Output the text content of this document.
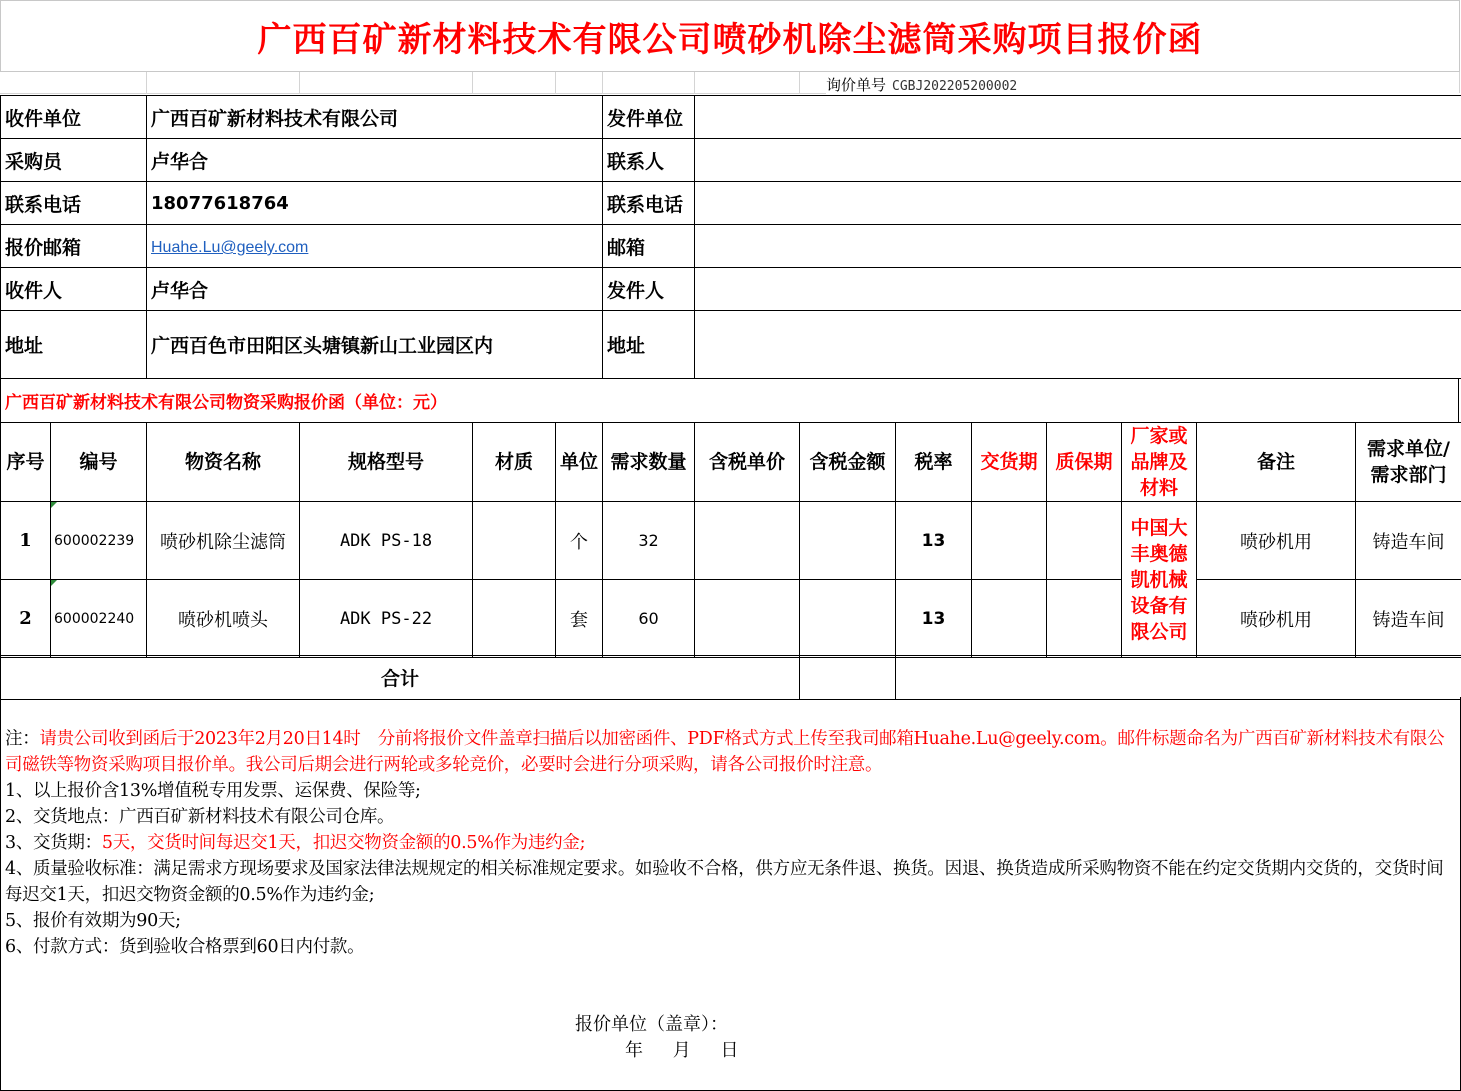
广西百矿新材料技术有限公司喷砂机除尘滤筒采购项目报价函
询价单号 CGBJ202205200002
收件单位	广西百矿新材料技术有限公司	发件单位	
采购员	卢华合	联系人	
联系电话	18077618764	联系电话	
报价邮箱	Huahe.Lu@geely.com	邮箱	
收件人	卢华合	发件人	
地址	广西百色市田阳区头塘镇新山工业园区内	地址	
广西百矿新材料技术有限公司物资采购报价函（单位：元）
序号	编号	物资名称	规格型号	材质	单位	需求数量	含税单价	含税金额	税率	交货期	质保期	厂家或品牌及材料	备注	需求单位/需求部门
1	600002239	喷砂机除尘滤筒	ADK PS-18		个	32			13			中国大丰奥德凯机械设备有限公司	喷砂机用	铸造车间
2	600002240	喷砂机喷头	ADK PS-22		套	60			13				喷砂机用	铸造车间
合计		

注：请贵公司收到函后于2023年2月20日14时　分前将报价文件盖章扫描后以加密函件、PDF格式方式上传至我司邮箱Huahe.Lu@geely.com。邮件标题命名为广西百矿新材料技术有限公司磁铁等物资采购项目报价单。我公司后期会进行两轮或多轮竞价，必要时会进行分项采购，请各公司报价时注意。

1、以上报价含13%增值税专用发票、运保费、保险等;

2、交货地点：广西百矿新材料技术有限公司仓库。

3、交货期：5天，交货时间每迟交1天，扣迟交物资金额的0.5%作为违约金;

4、质量验收标准：满足需求方现场要求及国家法律法规规定的相关标准规定要求。如验收不合格，供方应无条件退、换货。因退、换货造成所采购物资不能在约定交货期内交货的，交货时间每迟交1天，扣迟交物资金额的0.5%作为违约金;

5、报价有效期为90天;

6、付款方式：货到验收合格票到60日内付款。

报价单位（盖章）：
年 月 日
